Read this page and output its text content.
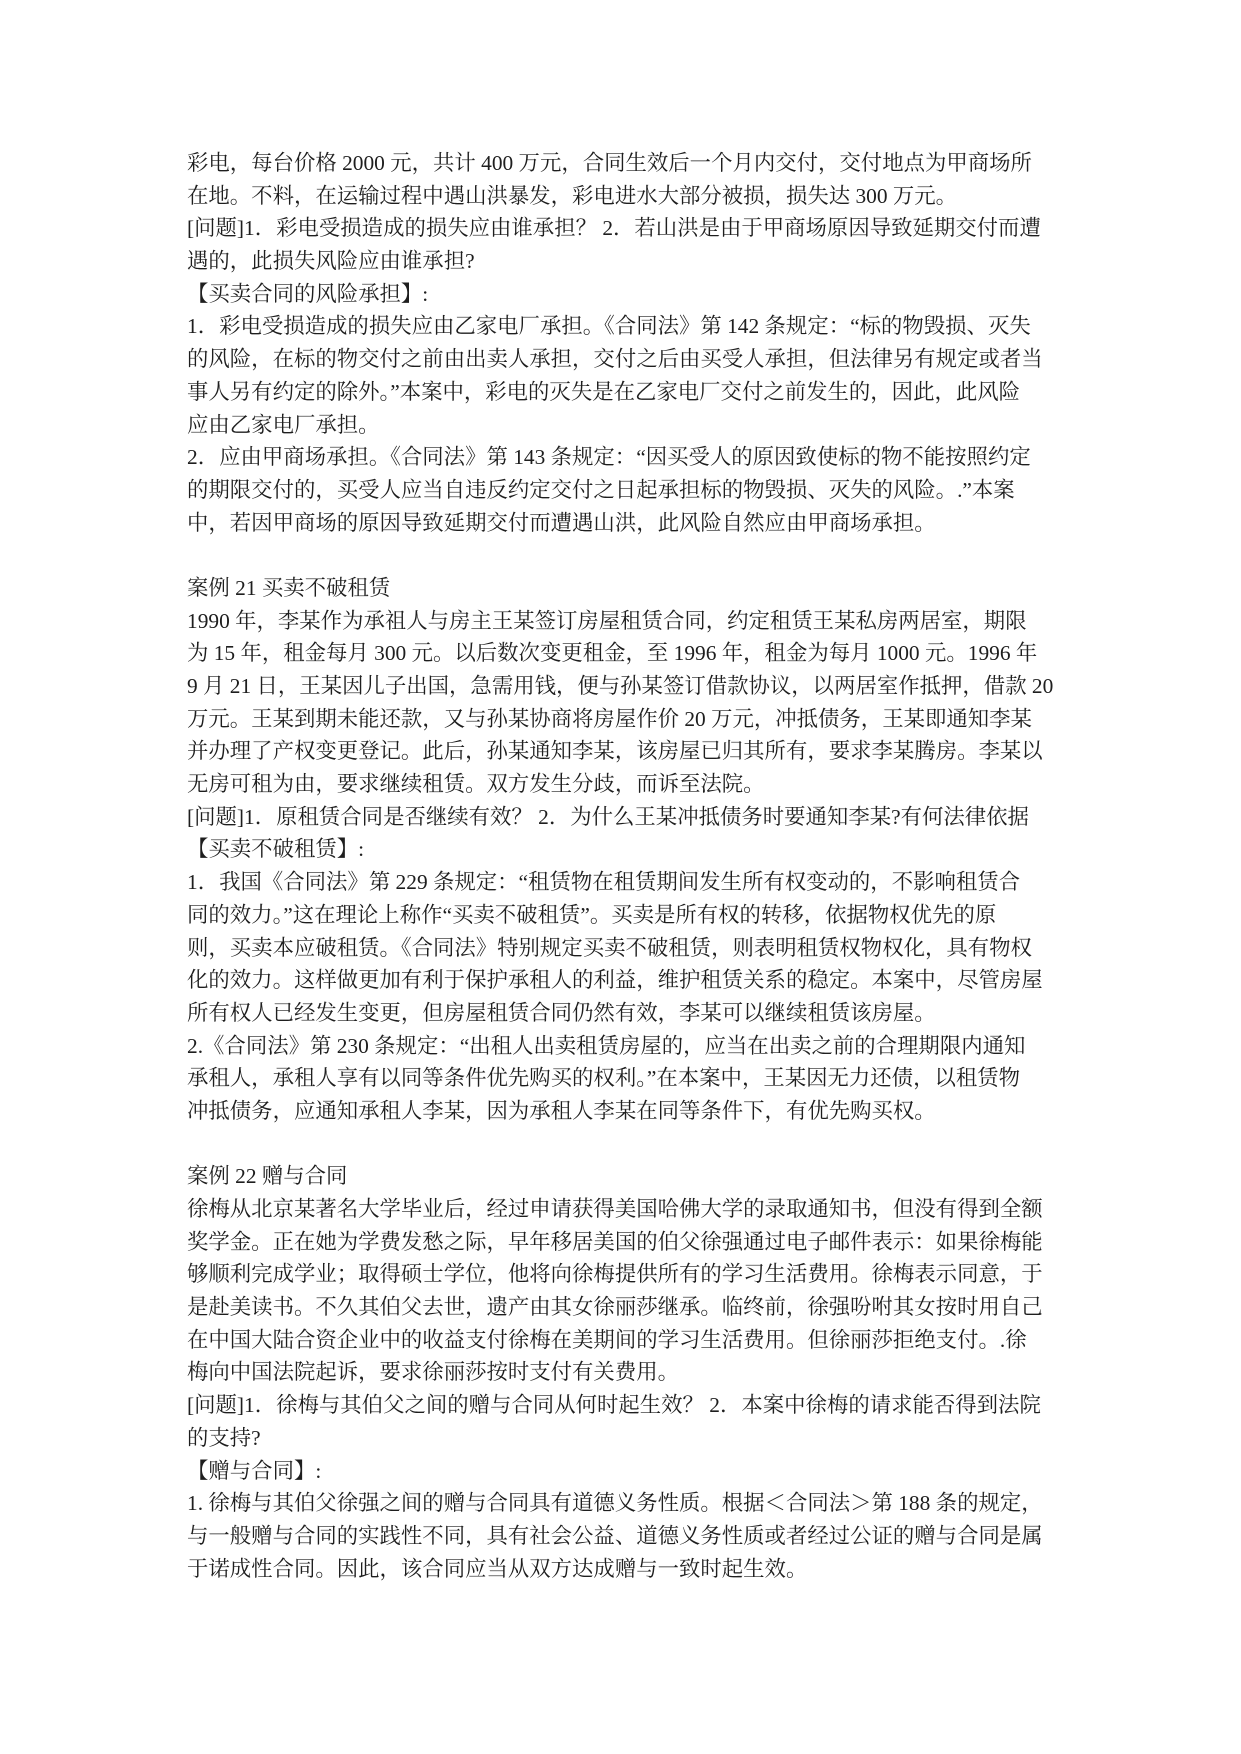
彩电，每台价格 2000 元，共计 400 万元，合同生效后一个月内交付，交付地点为甲商场所
在地。不料，在运输过程中遇山洪暴发，彩电进水大部分被损，损失达 300 万元。
[问题]1．彩电受损造成的损失应由谁承担？ 2．若山洪是由于甲商场原因导致延期交付而遭
遇的，此损失风险应由谁承担?
【买卖合同的风险承担】:
1．彩电受损造成的损失应由乙家电厂承担。《合同法》第 142 条规定：“标的物毁损、灭失
的风险，在标的物交付之前由出卖人承担，交付之后由买受人承担，但法律另有规定或者当
事人另有约定的除外。”本案中，彩电的灭失是在乙家电厂交付之前发生的，因此，此风险
应由乙家电厂承担。
2．应由甲商场承担。《合同法》第 143 条规定：“因买受人的原因致使标的物不能按照约定
的期限交付的，买受人应当自违反约定交付之日起承担标的物毁损、灭失的风险。.”本案
中，若因甲商场的原因导致延期交付而遭遇山洪，此风险自然应由甲商场承担。
案例 21 买卖不破租赁
1990 年，李某作为承祖人与房主王某签订房屋租赁合同，约定租赁王某私房两居室，期限
为 15 年，租金每月 300 元。以后数次变更租金，至 1996 年，租金为每月 1000 元。1996 年
9 月 21 日，王某因儿子出国，急需用钱，便与孙某签订借款协议，以两居室作抵押，借款 20
万元。王某到期未能还款，又与孙某协商将房屋作价 20 万元，冲抵债务，王某即通知李某
并办理了产权变更登记。此后，孙某通知李某，该房屋已归其所有，要求李某腾房。李某以
无房可租为由，要求继续租赁。双方发生分歧，而诉至法院。
[问题]1．原租赁合同是否继续有效？ 2．为什么王某冲抵债务时要通知李某?有何法律依据
【买卖不破租赁】:
1．我国《合同法》第 229 条规定：“租赁物在租赁期间发生所有权变动的，不影响租赁合
同的效力。”这在理论上称作“买卖不破租赁”。买卖是所有权的转移，依据物权优先的原
则，买卖本应破租赁。《合同法》特别规定买卖不破租赁，则表明租赁权物权化，具有物权
化的效力。这样做更加有利于保护承租人的利益，维护租赁关系的稳定。本案中，尽管房屋
所有权人已经发生变更，但房屋租赁合同仍然有效，李某可以继续租赁该房屋。
2.《合同法》第 230 条规定：“出租人出卖租赁房屋的，应当在出卖之前的合理期限内通知
承租人，承租人享有以同等条件优先购买的权利。”在本案中，王某因无力还债，以租赁物
冲抵债务，应通知承租人李某，因为承租人李某在同等条件下，有优先购买权。
案例 22 赠与合同
徐梅从北京某著名大学毕业后，经过申请获得美国哈佛大学的录取通知书，但没有得到全额
奖学金。正在她为学费发愁之际，早年移居美国的伯父徐强通过电子邮件表示：如果徐梅能
够顺利完成学业；取得硕士学位，他将向徐梅提供所有的学习生活费用。徐梅表示同意，于
是赴美读书。不久其伯父去世，遗产由其女徐丽莎继承。临终前，徐强吩咐其女按时用自己
在中国大陆合资企业中的收益支付徐梅在美期间的学习生活费用。但徐丽莎拒绝支付。.徐
梅向中国法院起诉，要求徐丽莎按时支付有关费用。
[问题]1．徐梅与其伯父之间的赠与合同从何时起生效？ 2．本案中徐梅的请求能否得到法院
的支持?
【赠与合同】:
1. 徐梅与其伯父徐强之间的赠与合同具有道德义务性质。根据＜合同法＞第 188 条的规定，
与一般赠与合同的实践性不同，具有社会公益、道德义务性质或者经过公证的赠与合同是属
于诺成性合同。因此，该合同应当从双方达成赠与一致时起生效。
